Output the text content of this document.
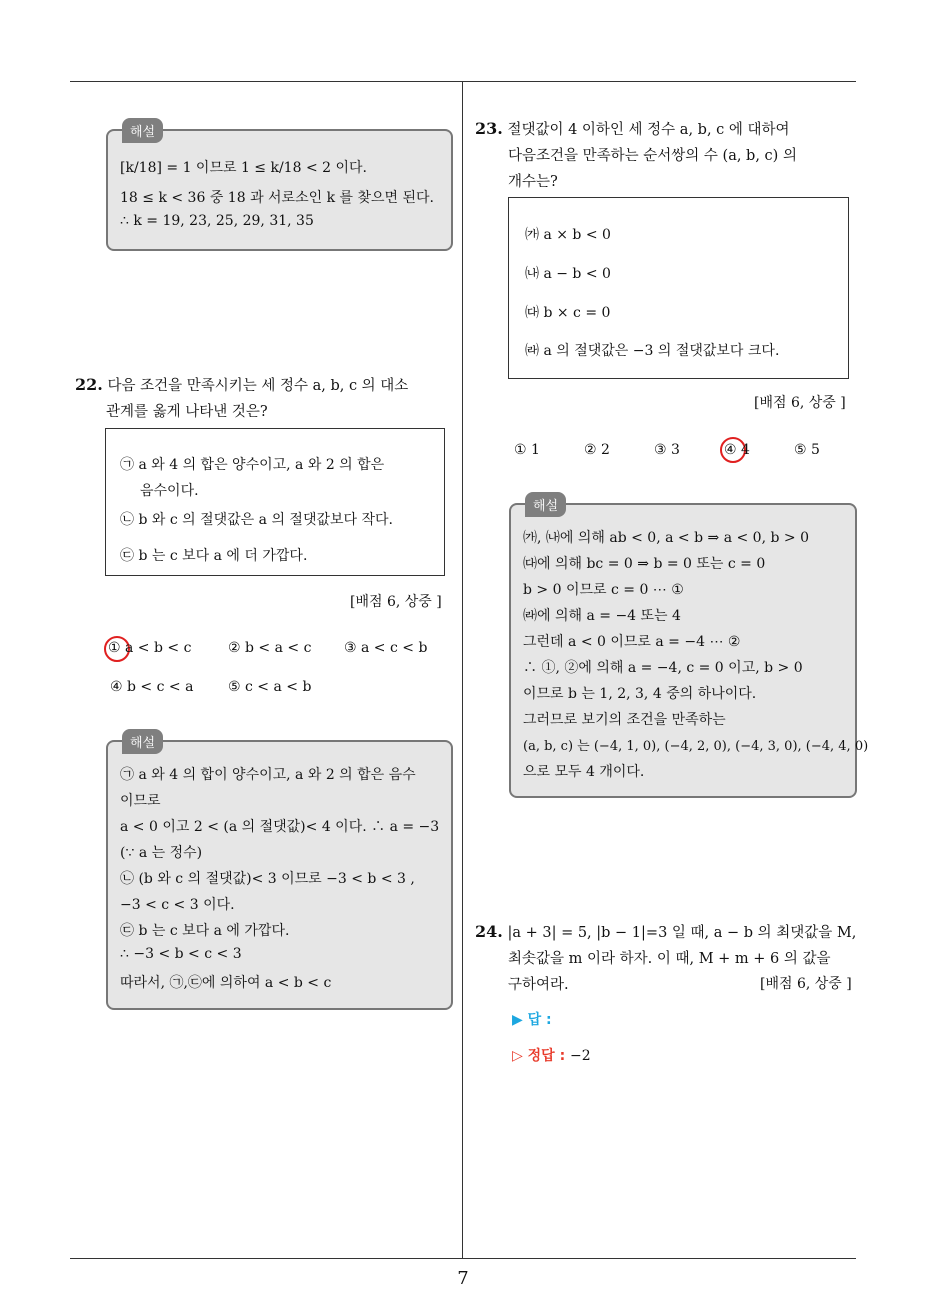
해설
[k/18] = 1 이므로 1 ≤ k/18 < 2 이다.
18 ≤ k < 36 중 18 과 서로소인 k 를 찾으면 된다.
∴ k = 19, 23, 25, 29, 31, 35
22. 다음 조건을 만족시키는 세 정수 a, b, c 의 대소
관계를 옳게 나타낸 것은?
㉠ a 와 4 의 합은 양수이고, a 와 2 의 합은
음수이다.
㉡ b 와 c 의 절댓값은 a 의 절댓값보다 작다.
㉢ b 는 c 보다 a 에 더 가깝다.
[배점 6, 상중 ]
① a < b < c	② b < a < c ③ a < c < b
④ b < c < a ⑤ c < a < b
해설
㉠ a 와 4 의 합이 양수이고, a 와 2 의 합은 음수
이므로
a < 0 이고 2 < (a 의 절댓값)< 4 이다. ∴ a = −3
(∵ a 는 정수)
㉡ (b 와 c 의 절댓값)< 3 이므로 −3 < b < 3 ,
−3 < c < 3 이다.
㉢ b 는 c 보다 a 에 가깝다.
∴ −3 < b < c < 3
따라서, ㉠,㉢에 의하여 a < b < c
23. 절댓값이 4 이하인 세 정수 a, b, c 에 대하여
다음조건을 만족하는 순서쌍의 수 (a, b, c) 의
개수는?
㈎ a × b < 0
㈏ a − b < 0
㈐ b × c = 0
㈑ a 의 절댓값은 −3 의 절댓값보다 크다.
[배점 6, 상중 ]
① 1	② 2	③ 3	④ 4	⑤ 5
해설
㈎, ㈏에 의해 ab < 0, a < b ⇒ a < 0, b > 0
㈐에 의해 bc = 0 ⇒ b = 0 또는 c = 0
b > 0 이므로 c = 0 ⋯ ①
㈑에 의해 a = −4 또는 4
그런데 a < 0 이므로 a = −4 ⋯ ②
∴ ①, ②에 의해 a = −4, c = 0 이고, b > 0
이므로 b 는 1, 2, 3, 4 중의 하나이다.
그러므로 보기의 조건을 만족하는
(a, b, c) 는 (−4, 1, 0), (−4, 2, 0), (−4, 3, 0), (−4, 4, 0)
으로 모두 4 개이다.
24. |a + 3| = 5, |b − 1|=3 일 때, a − b 의 최댓값을 M,
최솟값을 m 이라 하자. 이 때, M + m + 6 의 값을
구하여라.	[배점 6, 상중 ]
▶ 답 :
▷ 정답 : −2
7
